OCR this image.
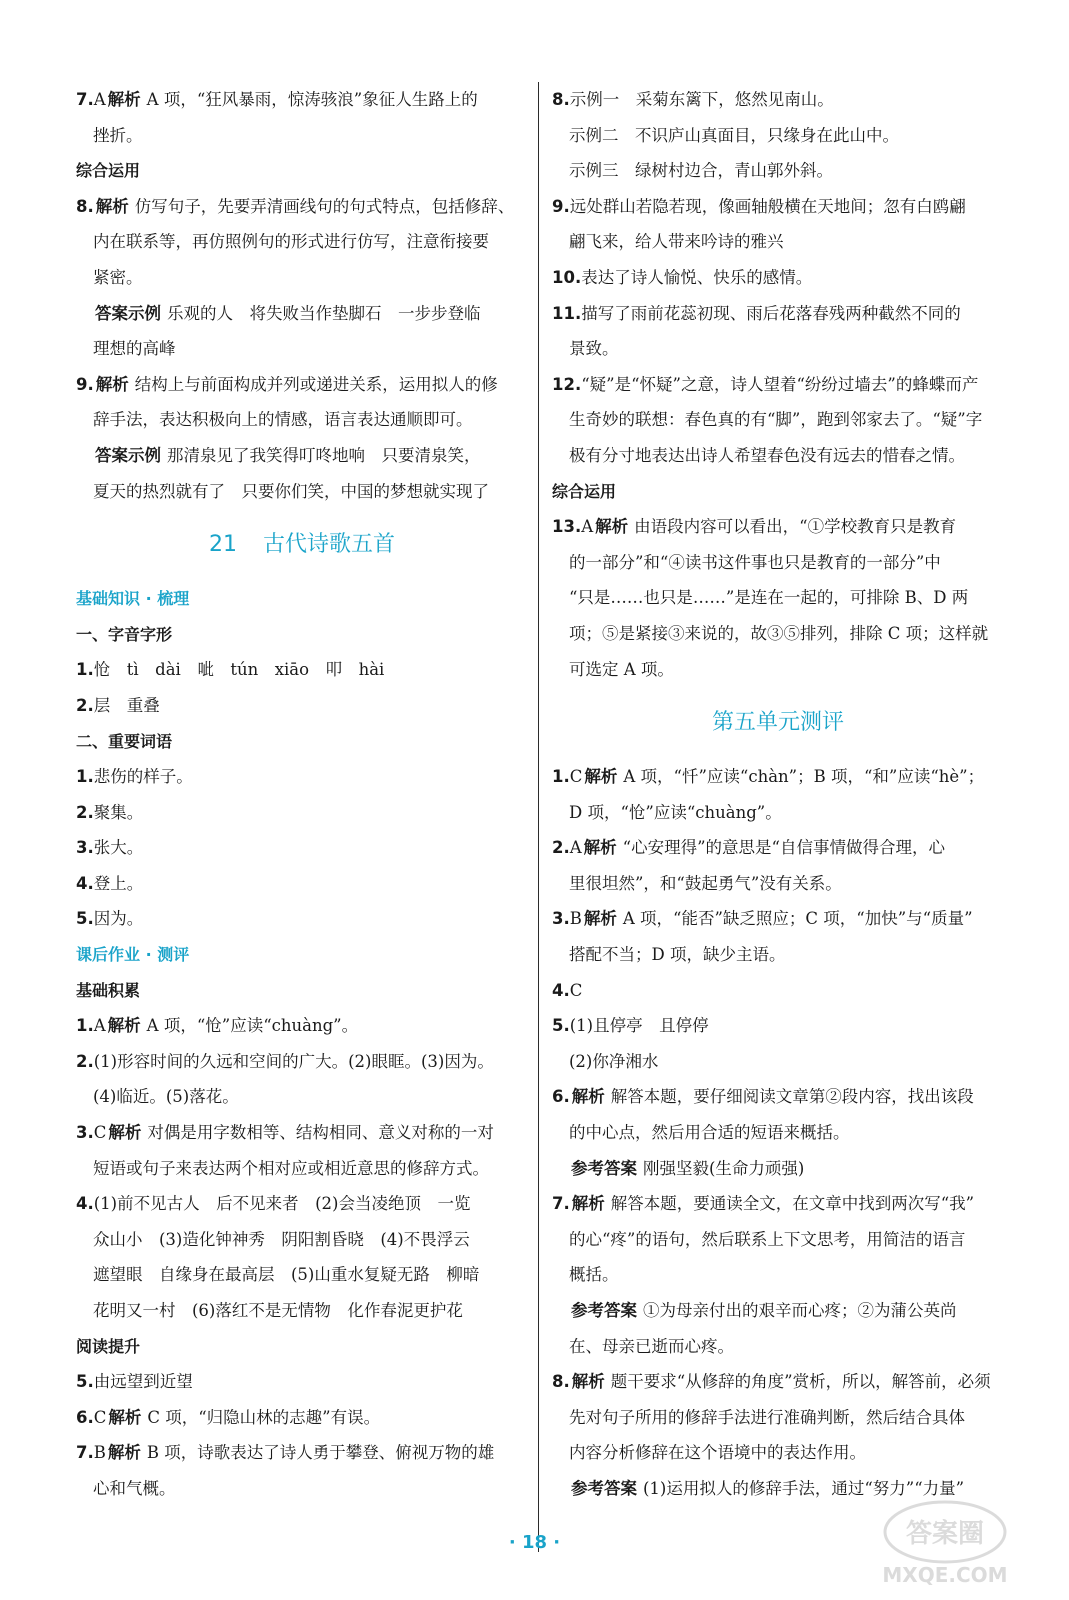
7.A 解析 A 项，“狂风暴雨，惊涛骇浪”象征人生路上的
挫折。
综合运用
8. 解析 仿写句子，先要弄清画线句的句式特点，包括修辞、
内在联系等，再仿照例句的形式进行仿写，注意衔接要
紧密。
答案示例 乐观的人　将失败当作垫脚石　一步步登临
理想的高峰
9. 解析 结构上与前面构成并列或递进关系，运用拟人的修
辞手法，表达积极向上的情感，语言表达通顺即可。
答案示例 那清泉见了我笑得叮咚地响　只要清泉笑，
夏天的热烈就有了　只要你们笑，中国的梦想就实现了
21 古代诗歌五首
基础知识 · 梳理
一、字音字形
1.怆　tì　dài　呲　tún　xiāo　叩　hài
2.层　重叠
二、重要词语
1.悲伤的样子。
2.聚集。
3.张大。
4.登上。
5.因为。
课后作业 · 测评
基础积累
1.A 解析 A 项，“怆”应读“chuàng”。
2.(1)形容时间的久远和空间的广大。(2)眼眶。(3)因为。
(4)临近。(5)落花。
3.C 解析 对偶是用字数相等、结构相同、意义对称的一对
短语或句子来表达两个相对应或相近意思的修辞方式。
4.(1)前不见古人　后不见来者　(2)会当凌绝顶　一览
众山小　(3)造化钟神秀　阴阳割昏晓　(4)不畏浮云
遮望眼　自缘身在最高层　(5)山重水复疑无路　柳暗
花明又一村　(6)落红不是无情物　化作春泥更护花
阅读提升
5.由远望到近望
6.C 解析 C 项，“归隐山林的志趣”有误。
7.B 解析 B 项，诗歌表达了诗人勇于攀登、俯视万物的雄
心和气概。
8.示例一　采菊东篱下，悠然见南山。
示例二　不识庐山真面目，只缘身在此山中。
示例三　绿树村边合，青山郭外斜。
9.远处群山若隐若现，像画轴般横在天地间；忽有白鸥翩
翩飞来，给人带来吟诗的雅兴
10.表达了诗人愉悦、快乐的感情。
11.描写了雨前花蕊初现、雨后花落春残两种截然不同的
景致。
12.“疑”是“怀疑”之意，诗人望着“纷纷过墙去”的蜂蝶而产
生奇妙的联想：春色真的有“脚”，跑到邻家去了。“疑”字
极有分寸地表达出诗人希望春色没有远去的惜春之情。
综合运用
13.A 解析 由语段内容可以看出，“①学校教育只是教育
的一部分”和“④读书这件事也只是教育的一部分”中
“只是……也只是……”是连在一起的，可排除 B、D 两
项；⑤是紧接③来说的，故③⑤排列，排除 C 项；这样就
可选定 A 项。
第五单元测评
1.C 解析 A 项，“忏”应读“chàn”；B 项，“和”应读“hè”；
D 项，“怆”应读“chuàng”。
2.A 解析 “心安理得”的意思是“自信事情做得合理，心
里很坦然”，和“鼓起勇气”没有关系。
3.B 解析 A 项，“能否”缺乏照应；C 项，“加快”与“质量”
搭配不当；D 项，缺少主语。
4.C
5.(1)且停亭　且停停
(2)你净湘水
6. 解析 解答本题，要仔细阅读文章第②段内容，找出该段
的中心点，然后用合适的短语来概括。
参考答案 刚强坚毅(生命力顽强)
7. 解析 解答本题，要通读全文，在文章中找到两次写“我”
的心“疼”的语句，然后联系上下文思考，用简洁的语言
概括。
参考答案 ①为母亲付出的艰辛而心疼；②为蒲公英尚
在、母亲已逝而心疼。
8. 解析 题干要求“从修辞的角度”赏析，所以，解答前，必须
先对句子所用的修辞手法进行准确判断，然后结合具体
内容分析修辞在这个语境中的表达作用。
参考答案 (1)运用拟人的修辞手法，通过“努力”“力量”
· 18 ·	答案圈
MXQE.COM
